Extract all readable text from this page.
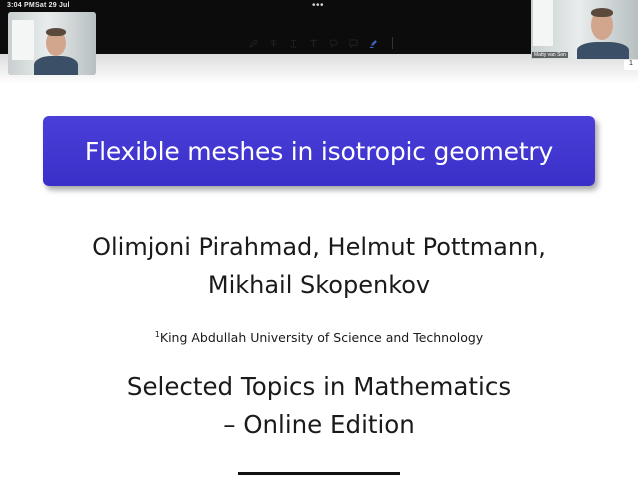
3:04 PM Sat 29 Jul	•••
Matty van Son
1
Flexible meshes in isotropic geometry
Olimjoni Pirahmad, Helmut Pottmann,
Mikhail Skopenkov
$^1$King Abdullah University of Science and Technology
Selected Topics in Mathematics
– Online Edition
